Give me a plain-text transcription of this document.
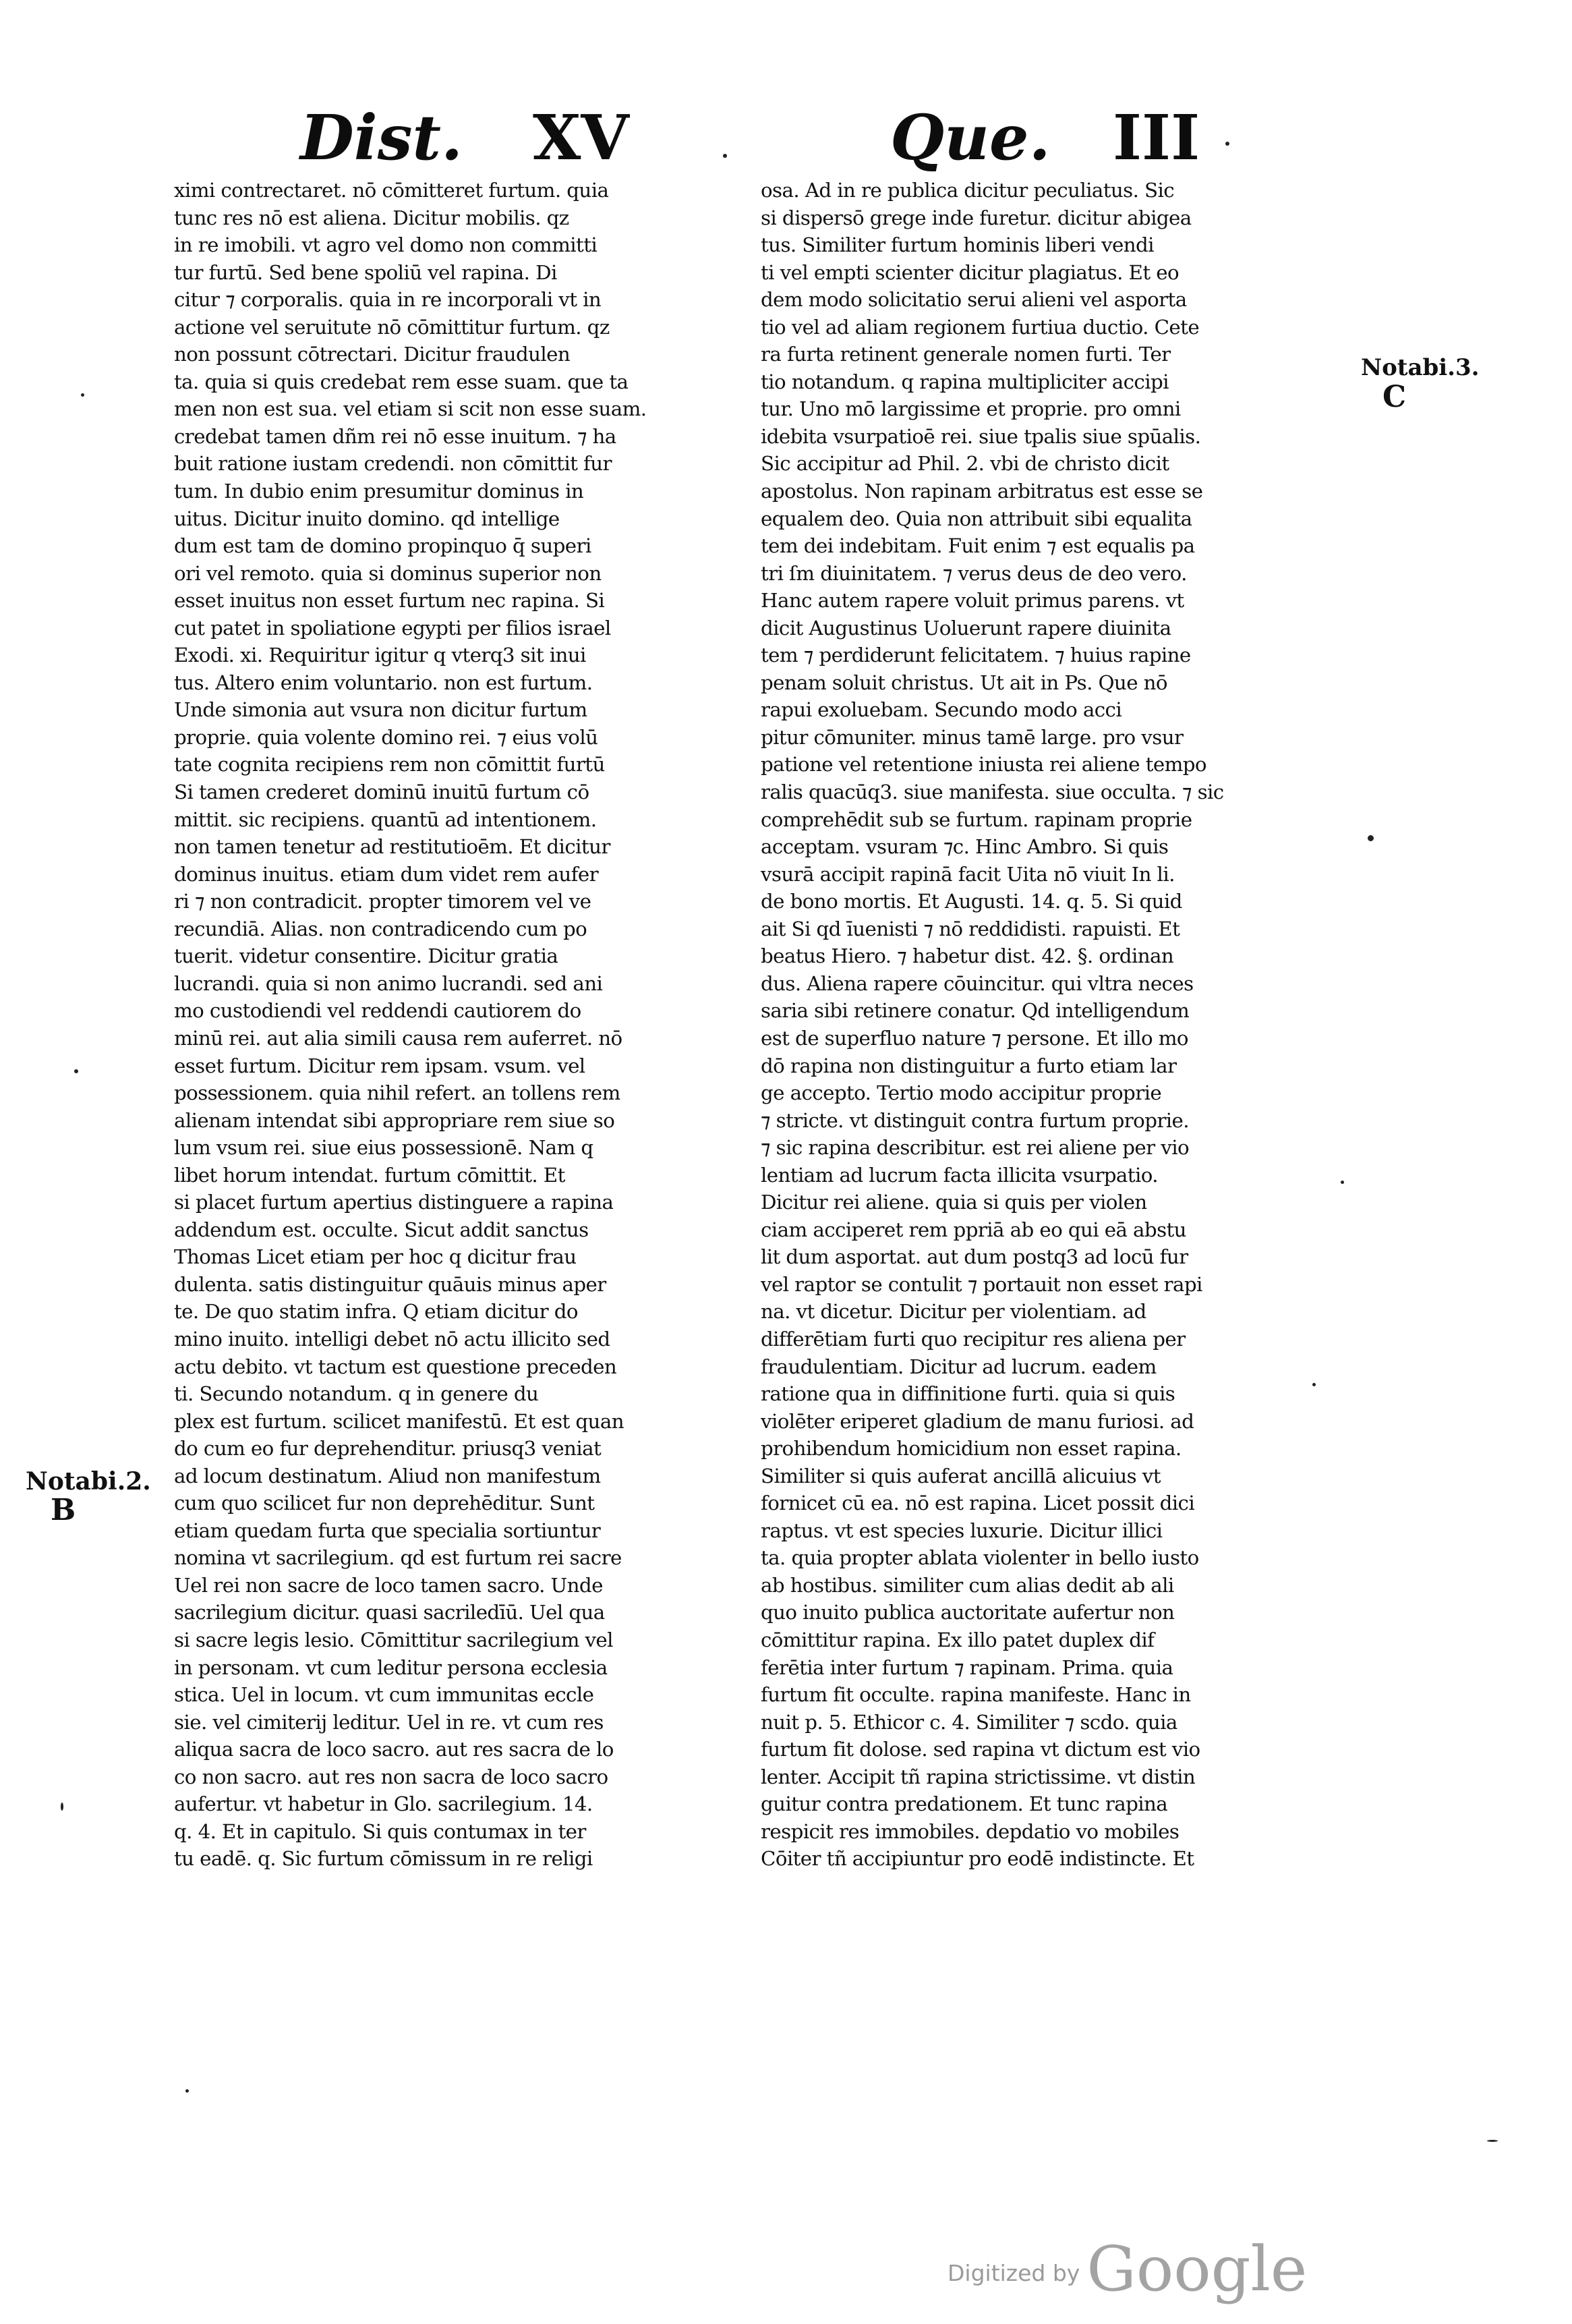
Dist. XV	Que. III
ximi contrectaret. nō cōmitteret furtum. quia
tunc res nō est aliena. Dicitur mobilis. qz
in re imobili. vt agro vel domo non committi
tur furtū. Sed bene spoliū vel rapina. Di
citur ⁊ corporalis. quia in re incorporali vt in
actione vel seruitute nō cōmittitur furtum. qz
non possunt cōtrectari. Dicitur fraudulen
ta. quia si quis credebat rem esse suam. que ta
men non est sua. vel etiam si scit non esse suam.
credebat tamen dñm rei nō esse inuitum. ⁊ ha
buit ratione iustam credendi. non cōmittit fur
tum. In dubio enim presumitur dominus in
uitus. Dicitur inuito domino. qd intellige
dum est tam de domino propinquo q̄ superi
ori vel remoto. quia si dominus superior non
esset inuitus non esset furtum nec rapina. Si
cut patet in spoliatione egypti per filios israel
Exodi. xi. Requiritur igitur q vterq3 sit inui
tus. Altero enim voluntario. non est furtum.
Unde simonia aut vsura non dicitur furtum
proprie. quia volente domino rei. ⁊ eius volū
tate cognita recipiens rem non cōmittit furtū
Si tamen crederet dominū inuitū furtum cō
mittit. sic recipiens. quantū ad intentionem.
non tamen tenetur ad restitutioēm. Et dicitur
dominus inuitus. etiam dum videt rem aufer
ri ⁊ non contradicit. propter timorem vel ve
recundiā. Alias. non contradicendo cum po
tuerit. videtur consentire. Dicitur gratia
lucrandi. quia si non animo lucrandi. sed ani
mo custodiendi vel reddendi cautiorem do
minū rei. aut alia simili causa rem auferret. nō
esset furtum. Dicitur rem ipsam. vsum. vel
possessionem. quia nihil refert. an tollens rem
alienam intendat sibi appropriare rem siue so
lum vsum rei. siue eius possessionē. Nam q
libet horum intendat. furtum cōmittit. Et
si placet furtum apertius distinguere a rapina
addendum est. occulte. Sicut addit sanctus
Thomas Licet etiam per hoc q dicitur frau
dulenta. satis distinguitur quāuis minus aper
te. De quo statim infra. Q etiam dicitur do
mino inuito. intelligi debet nō actu illicito sed
actu debito. vt tactum est questione preceden
ti. Secundo notandum. q in genere du
plex est furtum. scilicet manifestū. Et est quan
do cum eo fur deprehenditur. priusq3 veniat
ad locum destinatum. Aliud non manifestum
cum quo scilicet fur non deprehēditur. Sunt
etiam quedam furta que specialia sortiuntur
nomina vt sacrilegium. qd est furtum rei sacre
Uel rei non sacre de loco tamen sacro. Unde
sacrilegium dicitur. quasi sacriledīū. Uel qua
si sacre legis lesio. Cōmittitur sacrilegium vel
in personam. vt cum leditur persona ecclesia
stica. Uel in locum. vt cum immunitas eccle
sie. vel cimiterij leditur. Uel in re. vt cum res
aliqua sacra de loco sacro. aut res sacra de lo
co non sacro. aut res non sacra de loco sacro
aufertur. vt habetur in Glo. sacrilegium. 14.
q. 4. Et in capitulo. Si quis contumax in ter
tu eadē. q. Sic furtum cōmissum in re religi
osa. Ad in re publica dicitur peculiatus. Sic
si dispersō grege inde furetur. dicitur abigea
tus. Similiter furtum hominis liberi vendi
ti vel empti scienter dicitur plagiatus. Et eo
dem modo solicitatio serui alieni vel asporta
tio vel ad aliam regionem furtiua ductio. Cete
ra furta retinent generale nomen furti. Ter
tio notandum. q rapina multipliciter accipi
tur. Uno mō largissime et proprie. pro omni
idebita vsurpatioē rei. siue tpalis siue spūalis.
Sic accipitur ad Phil. 2. vbi de christo dicit
apostolus. Non rapinam arbitratus est esse se
equalem deo. Quia non attribuit sibi equalita
tem dei indebitam. Fuit enim ⁊ est equalis pa
tri ſm diuinitatem. ⁊ verus deus de deo vero.
Hanc autem rapere voluit primus parens. vt
dicit Augustinus Uoluerunt rapere diuinita
tem ⁊ perdiderunt felicitatem. ⁊ huius rapine
penam soluit christus. Ut ait in Ps. Que nō
rapui exoluebam. Secundo modo acci
pitur cōmuniter. minus tamē large. pro vsur
patione vel retentione iniusta rei aliene tempo
ralis quacūq3. siue manifesta. siue occulta. ⁊ sic
comprehēdit sub se furtum. rapinam proprie
acceptam. vsuram ⁊c. Hinc Ambro. Si quis
vsurā accipit rapinā facit Uita nō viuit In li.
de bono mortis. Et Augusti. 14. q. 5. Si quid
ait Si qd īuenisti ⁊ nō reddidisti. rapuisti. Et
beatus Hiero. ⁊ habetur dist. 42. §. ordinan
dus. Aliena rapere cōuincitur. qui vltra neces
saria sibi retinere conatur. Qd intelligendum
est de superfluo nature ⁊ persone. Et illo mo
dō rapina non distinguitur a furto etiam lar
ge accepto. Tertio modo accipitur proprie
⁊ stricte. vt distinguit contra furtum proprie.
⁊ sic rapina describitur. est rei aliene per vio
lentiam ad lucrum facta illicita vsurpatio.
Dicitur rei aliene. quia si quis per violen
ciam acciperet rem ppriā ab eo qui eā abstu
lit dum asportat. aut dum postq3 ad locū fur
vel raptor se contulit ⁊ portauit non esset rapi
na. vt dicetur. Dicitur per violentiam. ad
differētiam furti quo recipitur res aliena per
fraudulentiam. Dicitur ad lucrum. eadem
ratione qua in diffinitione furti. quia si quis
violēter eriperet gladium de manu furiosi. ad
prohibendum homicidium non esset rapina.
Similiter si quis auferat ancillā alicuius vt
fornicet cū ea. nō est rapina. Licet possit dici
raptus. vt est species luxurie. Dicitur illici
ta. quia propter ablata violenter in bello iusto
ab hostibus. similiter cum alias dedit ab ali
quo inuito publica auctoritate aufertur non
cōmittitur rapina. Ex illo patet duplex dif
ferētia inter furtum ⁊ rapinam. Prima. quia
furtum fit occulte. rapina manifeste. Hanc in
nuit p. 5. Ethicor c. 4. Similiter ⁊ scdo. quia
furtum fit dolose. sed rapina vt dictum est vio
lenter. Accipit tñ rapina strictissime. vt distin
guitur contra predationem. Et tunc rapina
respicit res immobiles. depdatio vo mobiles
Cōiter tñ accipiuntur pro eodē indistincte. Et
Notabi.2.
B
Notabi.3.
C
Digitized by Google
